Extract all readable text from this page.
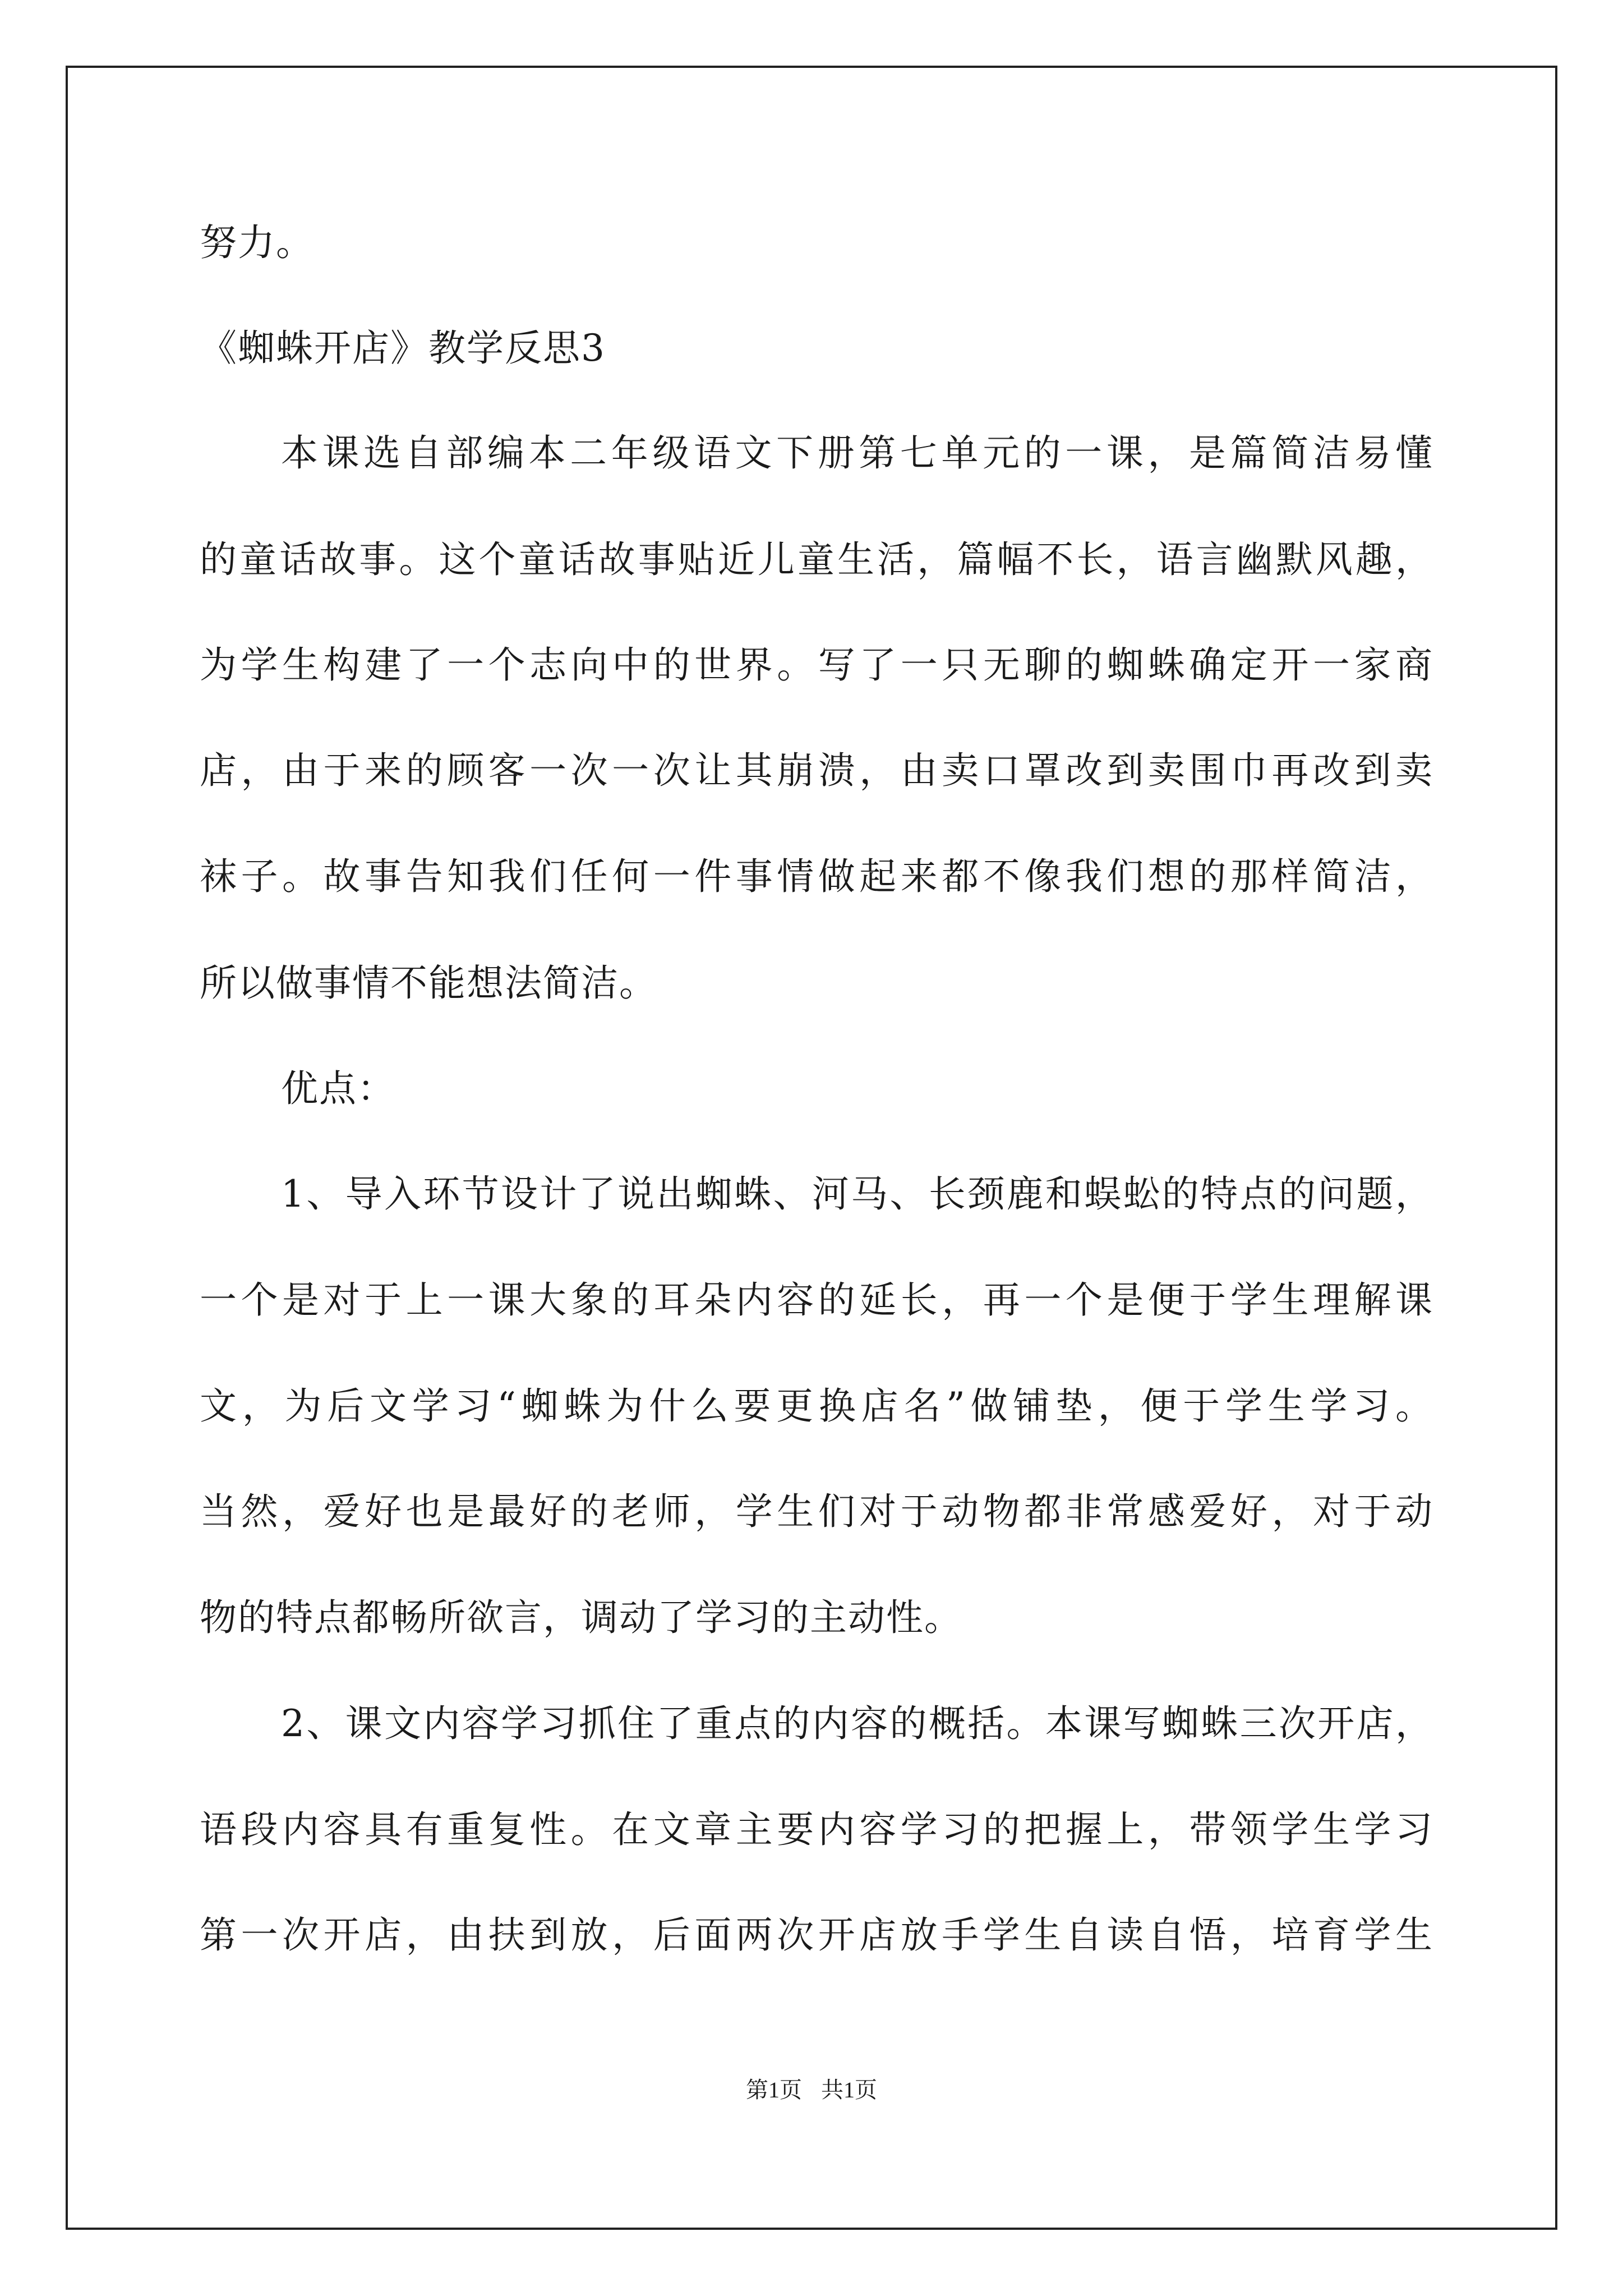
努力。
《蜘蛛开店》教学反思3
本课选自部编本二年级语文下册第七单元的一课，是篇简洁易懂
的童话故事。这个童话故事贴近儿童生活，篇幅不长，语言幽默风趣，
为学生构建了一个志向中的世界。写了一只无聊的蜘蛛确定开一家商
店，由于来的顾客一次一次让其崩溃，由卖口罩改到卖围巾再改到卖
袜子。故事告知我们任何一件事情做起来都不像我们想的那样简洁，
所以做事情不能想法简洁。
优点：
1、导入环节设计了说出蜘蛛、河马、长颈鹿和蜈蚣的特点的问题，
一个是对于上一课大象的耳朵内容的延长，再一个是便于学生理解课
文，为后文学习“蜘蛛为什么要更换店名”做铺垫，便于学生学习。
当然，爱好也是最好的老师，学生们对于动物都非常感爱好，对于动
物的特点都畅所欲言，调动了学习的主动性。
2、课文内容学习抓住了重点的内容的概括。本课写蜘蛛三次开店，
语段内容具有重复性。在文章主要内容学习的把握上，带领学生学习
第一次开店，由扶到放，后面两次开店放手学生自读自悟，培育学生
第1页 共1页
